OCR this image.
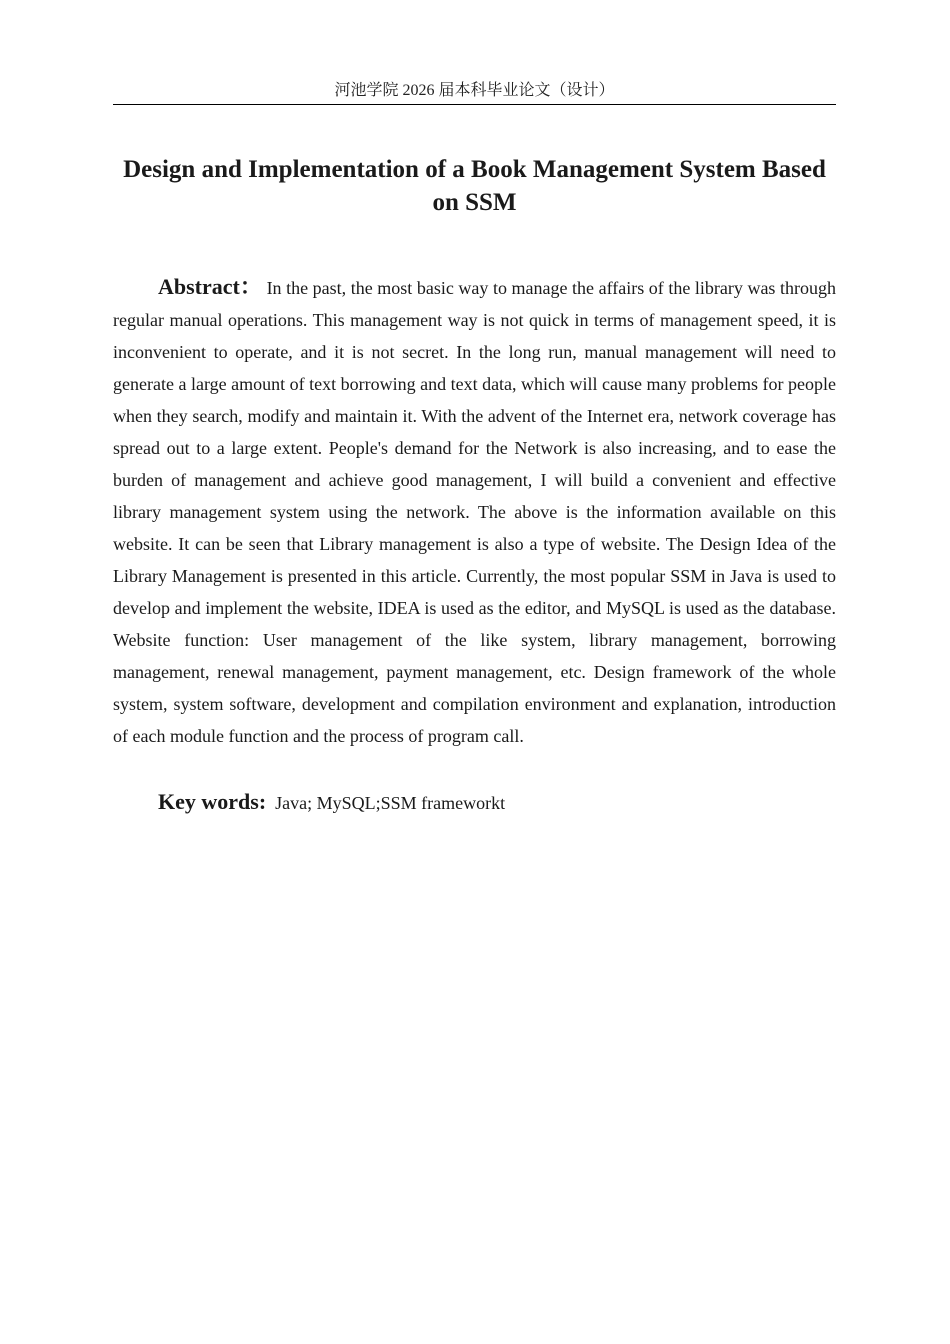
河池学院 2026 届本科毕业论文（设计）
Design and Implementation of a Book Management System Based on SSM

Abstract： In the past, the most basic way to manage the affairs of the library was through regular manual operations. This management way is not quick in terms of management speed, it is inconvenient to operate, and it is not secret. In the long run, manual management will need to generate a large amount of text borrowing and text data, which will cause many problems for people when they search, modify and maintain it. With the advent of the Internet era, network coverage has spread out to a large extent. People's demand for the Network is also increasing, and to ease the burden of management and achieve good management, I will build a convenient and effective library management system using the network. The above is the information available on this website. It can be seen that Library management is also a type of website. The Design Idea of the Library Management is presented in this article. Currently, the most popular SSM in Java is used to develop and implement the website, IDEA is used as the editor, and MySQL is used as the database. Website function: User management of the like system, library management, borrowing management, renewal management, payment management, etc. Design framework of the whole system, system software, development and compilation environment and explanation, introduction of each module function and the process of program call.

Key words: Java; MySQL;SSM frameworkt
